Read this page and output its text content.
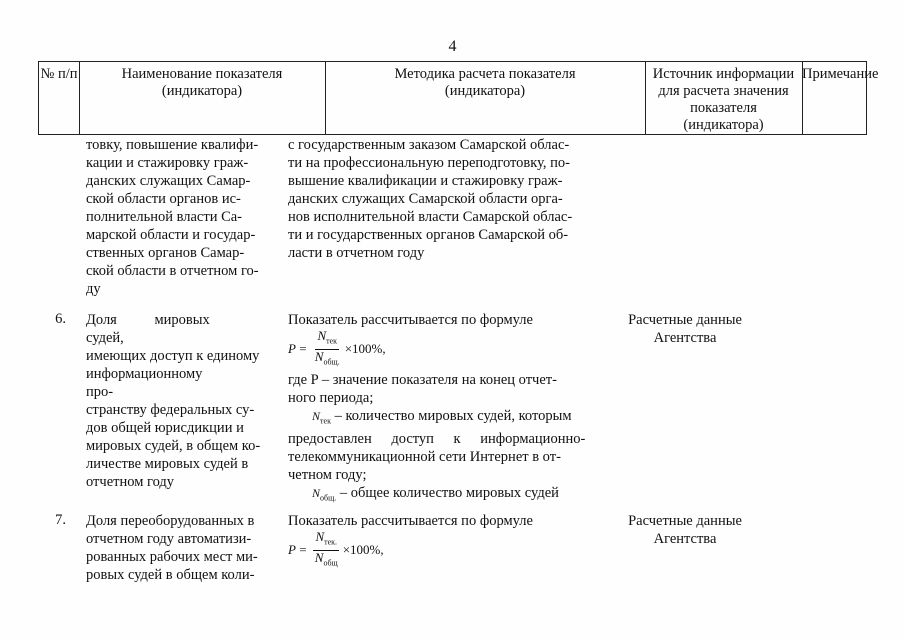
4
№ п/п	Наименование показателя (индикатора)
Методика расчета показателя (индикатора)
Источник информации для расчета значения показателя (индикатора)
Примечание

товку, повышение квалифи-

кации и стажировку граж-

данских служащих Самар-

ской области органов ис-

полнительной власти Са-

марской области и государ-

ственных органов Самар-

ской области в отчетном го-

ду

с государственным заказом Самарской облас-

ти на профессиональную переподготовку, по-

вышение квалификации и стажировку граж-

данских служащих Самарской области орга-

нов исполнительной власти Самарской облас-

ти и государственных органов Самарской об-

ласти в отчетном году

6. Доля мировых судей,

имеющих доступ к единому

информационному про-

странству федеральных су-

дов общей юрисдикции и

мировых судей, в общем ко-

личестве мировых судей в

отчетном году

Показатель рассчитывается по формуле

$P = \frac{N_{тек}}{N_{общ.}} \times 100\%$,

где P – значение показателя на конец отчет-

ного периода;

$N_{тек}$ – количество мировых судей, которым

предоставлен доступ к информационно-

телекоммуникационной сети Интернет в от-

четном году;

$N_{общ.}$ – общее количество мировых судей

Расчетные данные Агентства
7. Доля переоборудованных в

отчетном году автоматизи-

рованных рабочих мест ми-

ровых судей в общем коли-

Показатель рассчитывается по формуле

$P = \frac{N_{тек.}}{N_{общ}} \times 100\%$,
Расчетные данные Агентства
